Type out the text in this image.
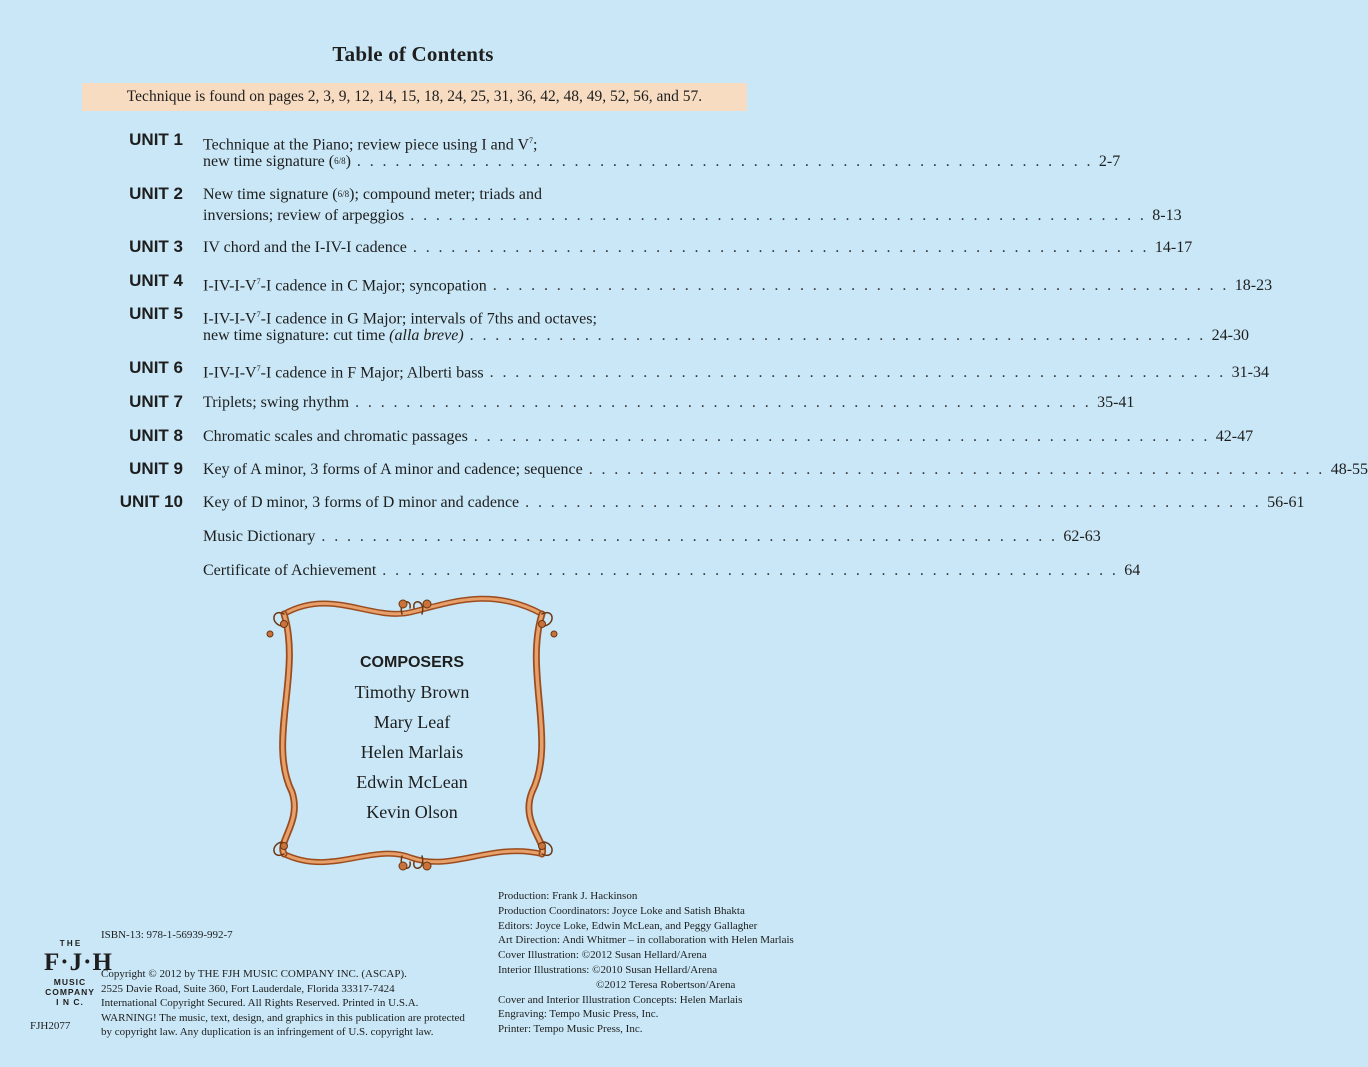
Table of Contents
Technique is found on pages 2, 3, 9, 12, 14, 15, 18, 24, 25, 31, 36, 42, 48, 49, 52, 56, and 57.
UNIT 1 Technique at the Piano; review piece using I and $V^7$;
new time signature (6/8) . . . . . . . . . . . . . . . . . . . . . . . . . . . . . . . . . . . . . . . . . . . . . . . . . . . . . . . . . . 2-7
UNIT 2 New time signature (6/8); compound meter; triads and
inversions; review of arpeggios . . . . . . . . . . . . . . . . . . . . . . . . . . . . . . . . . . . . . . . . . . . . . . . . . . . . . . . . . . 8-13
UNIT 3 IV chord and the I-IV-I cadence . . . . . . . . . . . . . . . . . . . . . . . . . . . . . . . . . . . . . . . . . . . . . . . . . . . . . . . . . . 14-17
UNIT 4 $I-IV-I-V^7-I$ cadence in C Major; syncopation . . . . . . . . . . . . . . . . . . . . . . . . . . . . . . . . . . . . . . . . . . . . . . . . . . . . . . . . . . 18-23
UNIT 5 $I-IV-I-V^7-I$ cadence in G Major; intervals of 7ths and octaves;
new time signature: cut time (alla breve) . . . . . . . . . . . . . . . . . . . . . . . . . . . . . . . . . . . . . . . . . . . . . . . . . . . . . . . . . . 24-30
UNIT 6 $I-IV-I-V^7-I$ cadence in F Major; Alberti bass . . . . . . . . . . . . . . . . . . . . . . . . . . . . . . . . . . . . . . . . . . . . . . . . . . . . . . . . . . 31-34
UNIT 7 Triplets; swing rhythm . . . . . . . . . . . . . . . . . . . . . . . . . . . . . . . . . . . . . . . . . . . . . . . . . . . . . . . . . . 35-41
UNIT 8 Chromatic scales and chromatic passages . . . . . . . . . . . . . . . . . . . . . . . . . . . . . . . . . . . . . . . . . . . . . . . . . . . . . . . . . . 42-47
UNIT 9 Key of A minor, 3 forms of A minor and cadence; sequence . . . . . . . . . . . . . . . . . . . . . . . . . . . . . . . . . . . . . . . . . . . . . . . . . . . . . . . . . . 48-55
UNIT 10 Key of D minor, 3 forms of D minor and cadence . . . . . . . . . . . . . . . . . . . . . . . . . . . . . . . . . . . . . . . . . . . . . . . . . . . . . . . . . . 56-61
Music Dictionary . . . . . . . . . . . . . . . . . . . . . . . . . . . . . . . . . . . . . . . . . . . . . . . . . . . . . . . . . . 62-63
Certificate of Achievement . . . . . . . . . . . . . . . . . . . . . . . . . . . . . . . . . . . . . . . . . . . . . . . . . . . . . . . . . . 64
COMPOSERS
Timothy Brown
Mary Leaf
Helen Marlais
Edwin McLean
Kevin Olson
Production: Frank J. Hackinson
Production Coordinators: Joyce Loke and Satish Bhakta
Editors: Joyce Loke, Edwin McLean, and Peggy Gallagher
Art Direction: Andi Whitmer – in collaboration with Helen Marlais
Cover Illustration: ©2012 Susan Hellard/Arena
Interior Illustrations: ©2010 Susan Hellard/Arena
©2012 Teresa Robertson/Arena
Cover and Interior Illustration Concepts: Helen Marlais
Engraving: Tempo Music Press, Inc.
Printer: Tempo Music Press, Inc.
ISBN-13: 978-1-56939-992-7
T H E
F·J·H
MUSIC
COMPANY
I N C.
Copyright © 2012 by THE FJH MUSIC COMPANY INC. (ASCAP).
2525 Davie Road, Suite 360, Fort Lauderdale, Florida 33317-7424
International Copyright Secured. All Rights Reserved. Printed in U.S.A.
WARNING! The music, text, design, and graphics in this publication are protected
by copyright law. Any duplication is an infringement of U.S. copyright law.
FJH2077
